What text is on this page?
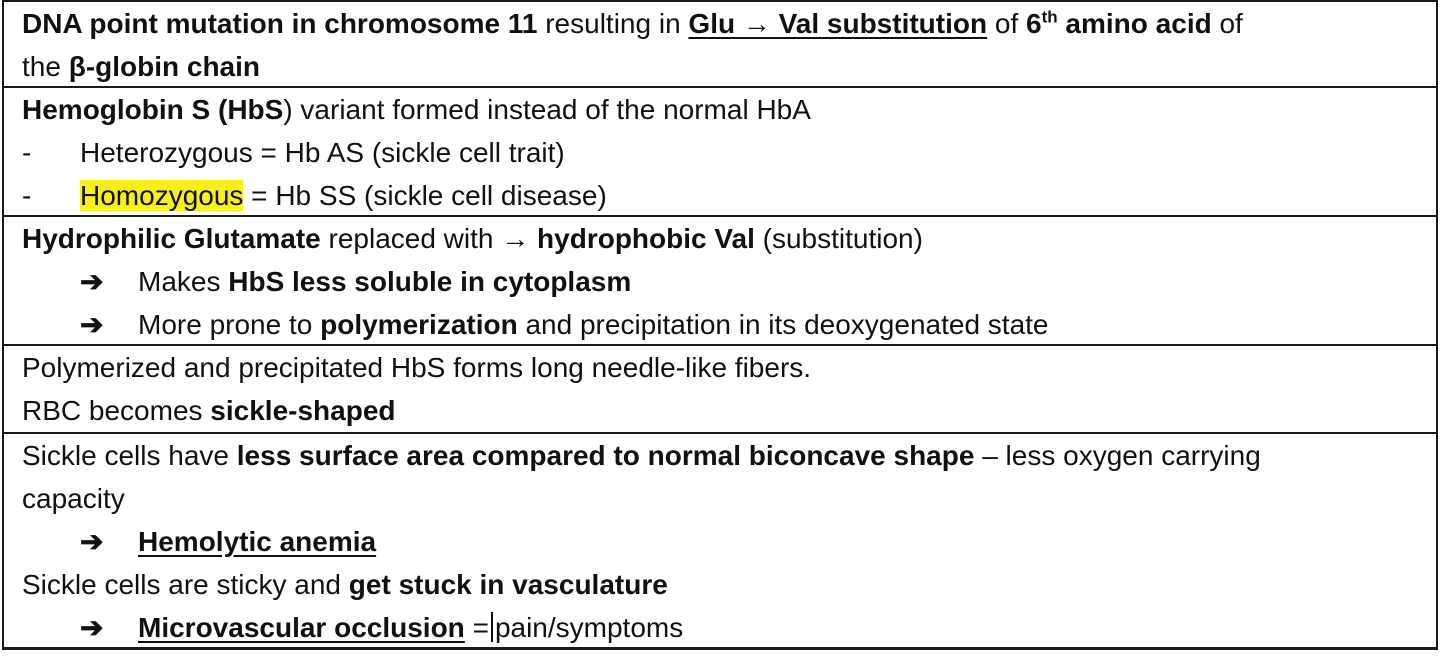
DNA point mutation in chromosome 11 resulting in Glu → Val substitution of 6th amino acid of
the β-globin chain
Hemoglobin S (HbS) variant formed instead of the normal HbA
- Heterozygous = Hb AS (sickle cell trait)
- Homozygous = Hb SS (sickle cell disease)
Hydrophilic Glutamate replaced with → hydrophobic Val (substitution)
➔ Makes HbS less soluble in cytoplasm
➔ More prone to polymerization and precipitation in its deoxygenated state
Polymerized and precipitated HbS forms long needle-like fibers.
RBC becomes sickle-shaped
Sickle cells have less surface area compared to normal biconcave shape – less oxygen carrying
capacity
➔ Hemolytic anemia
Sickle cells are sticky and get stuck in vasculature
➔ Microvascular occlusion = pain/symptoms
